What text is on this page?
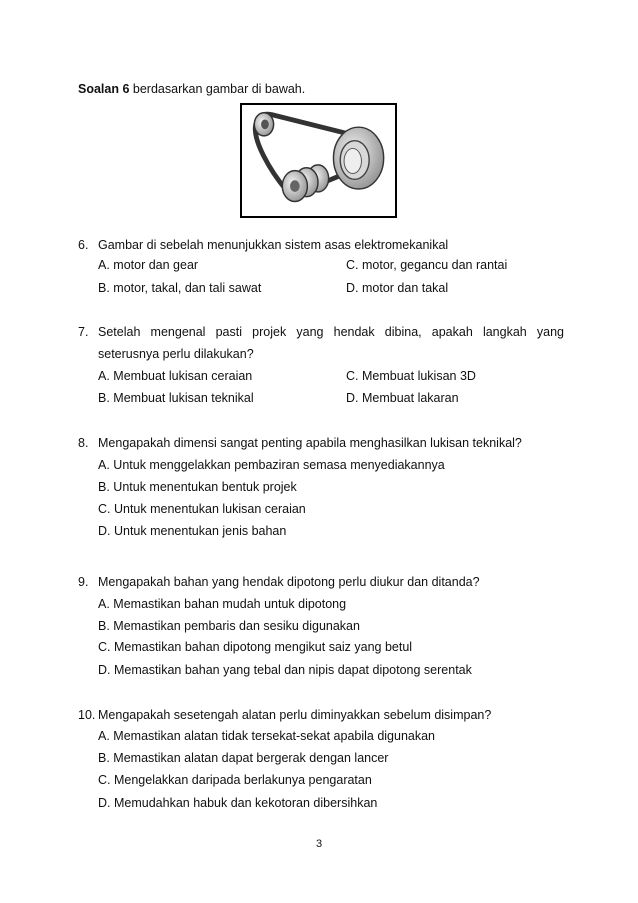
Soalan 6 berdasarkan gambar di bawah.
6. Gambar di sebelah menunjukkan sistem asas elektromekanikal
A. motor dan gear	C. motor, gegancu dan rantai
B. motor, takal, dan tali sawat	D. motor dan takal
7. Setelah mengenal pasti projek yang hendak dibina, apakah langkah yang
seterusnya perlu dilakukan?
A. Membuat lukisan ceraian	C. Membuat lukisan 3D
B. Membuat lukisan teknikal	D. Membuat lakaran
8. Mengapakah dimensi sangat penting apabila menghasilkan lukisan teknikal?
A. Untuk menggelakkan pembaziran semasa menyediakannya
B. Untuk menentukan bentuk projek
C. Untuk menentukan lukisan ceraian
D. Untuk menentukan jenis bahan
9. Mengapakah bahan yang hendak dipotong perlu diukur dan ditanda?
A. Memastikan bahan mudah untuk dipotong
B. Memastikan pembaris dan sesiku digunakan
C. Memastikan bahan dipotong mengikut saiz yang betul
D. Memastikan bahan yang tebal dan nipis dapat dipotong serentak
10. Mengapakah sesetengah alatan perlu diminyakkan sebelum disimpan?
A. Memastikan alatan tidak tersekat-sekat apabila digunakan
B. Memastikan alatan dapat bergerak dengan lancer
C. Mengelakkan daripada berlakunya pengaratan
D. Memudahkan habuk dan kekotoran dibersihkan
3
